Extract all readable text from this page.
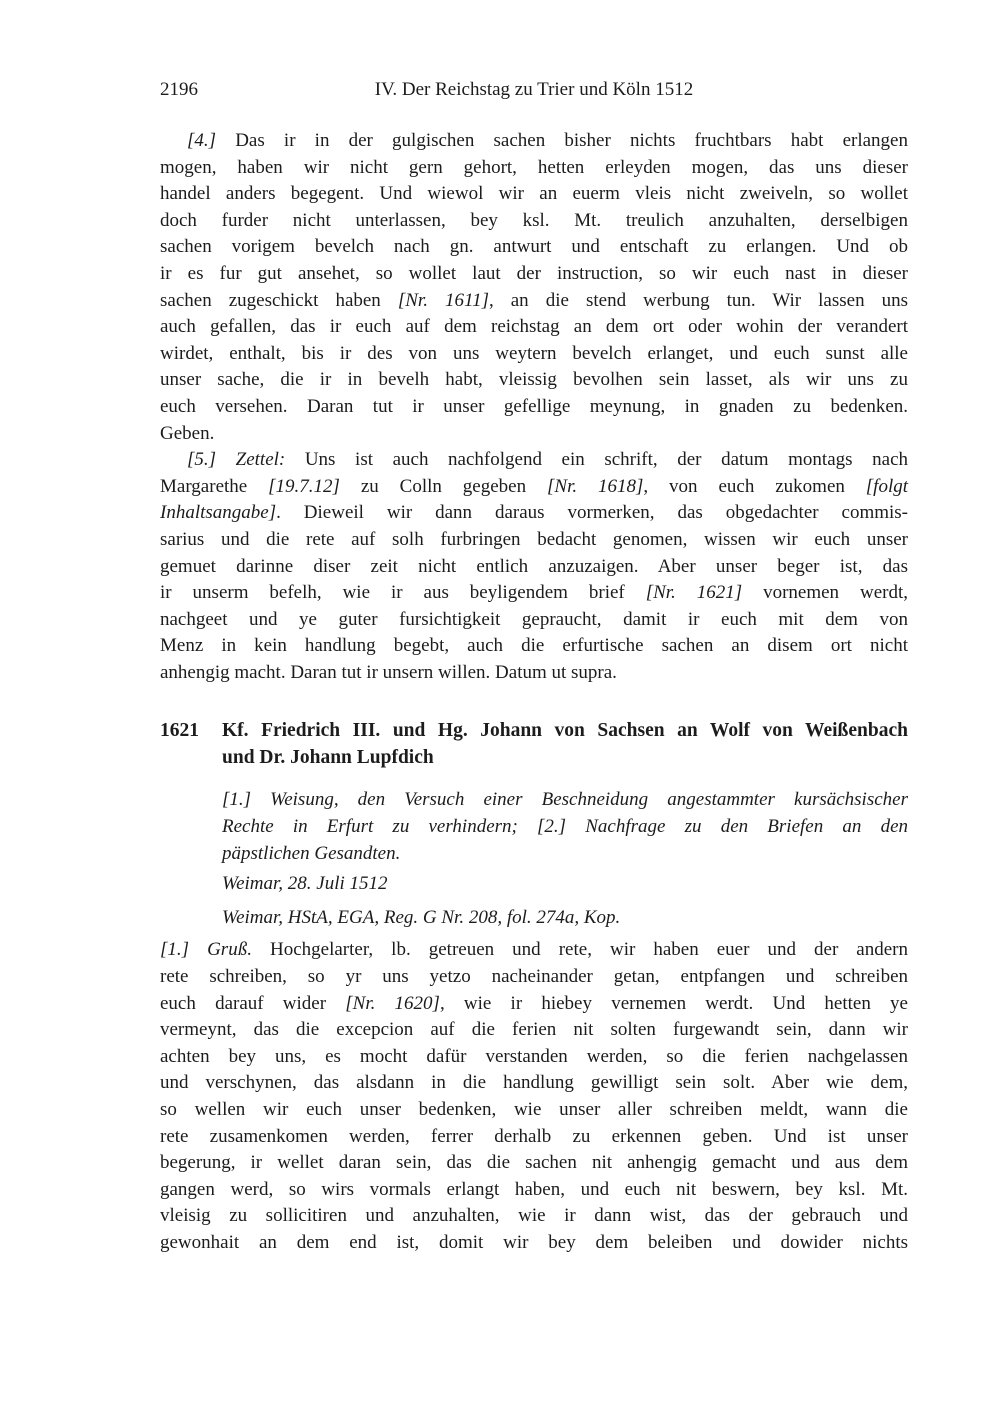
2196	IV. Der Reichstag zu Trier und Köln 1512
[4.] Das ir in der gulgischen sachen bisher nichts fruchtbars habt erlangen
mogen, haben wir nicht gern gehort, hetten erleyden mogen, das uns dieser
handel anders begegent. Und wiewol wir an euerm vleis nicht zweiveln, so wollet
doch furder nicht unterlassen, bey ksl. Mt. treulich anzuhalten, derselbigen
sachen vorigem bevelch nach gn. antwurt und entschaft zu erlangen. Und ob
ir es fur gut ansehet, so wollet laut der instruction, so wir euch nast in dieser
sachen zugeschickt haben [Nr. 1611], an die stend werbung tun. Wir lassen uns
auch gefallen, das ir euch auf dem reichstag an dem ort oder wohin der verandert
wirdet, enthalt, bis ir des von uns weytern bevelch erlanget, und euch sunst alle
unser sache, die ir in bevelh habt, vleissig bevolhen sein lasset, als wir uns zu
euch versehen. Daran tut ir unser gefellige meynung, in gnaden zu bedenken.
Geben.
[5.] Zettel: Uns ist auch nachfolgend ein schrift, der datum montags nach
Margarethe [19.7.12] zu Colln gegeben [Nr. 1618], von euch zukomen [folgt
Inhaltsangabe]. Dieweil wir dann daraus vormerken, das obgedachter commis-
sarius und die rete auf solh furbringen bedacht genomen, wissen wir euch unser
gemuet darinne diser zeit nicht entlich anzuzaigen. Aber unser beger ist, das
ir unserm befelh, wie ir aus beyligendem brief [Nr. 1621] vornemen werdt,
nachgeet und ye guter fursichtigkeit gepraucht, damit ir euch mit dem von
Menz in kein handlung begebt, auch die erfurtische sachen an disem ort nicht
anhengig macht. Daran tut ir unsern willen. Datum ut supra.
1621 Kf. Friedrich III. und Hg. Johann von Sachsen an Wolf von Weißenbach
und Dr. Johann Lupfdich
[1.] Weisung, den Versuch einer Beschneidung angestammter kursächsischer
Rechte in Erfurt zu verhindern; [2.] Nachfrage zu den Briefen an den
päpstlichen Gesandten.
Weimar, 28. Juli 1512
Weimar, HStA, EGA, Reg. G Nr. 208, fol. 274a, Kop.
[1.] Gruß. Hochgelarter, lb. getreuen und rete, wir haben euer und der andern
rete schreiben, so yr uns yetzo nacheinander getan, entpfangen und schreiben
euch darauf wider [Nr. 1620], wie ir hiebey vernemen werdt. Und hetten ye
vermeynt, das die excepcion auf die ferien nit solten furgewandt sein, dann wir
achten bey uns, es mocht dafür verstanden werden, so die ferien nachgelassen
und verschynen, das alsdann in die handlung gewilligt sein solt. Aber wie dem,
so wellen wir euch unser bedenken, wie unser aller schreiben meldt, wann die
rete zusamenkomen werden, ferrer derhalb zu erkennen geben. Und ist unser
begerung, ir wellet daran sein, das die sachen nit anhengig gemacht und aus dem
gangen werd, so wirs vormals erlangt haben, und euch nit beswern, bey ksl. Mt.
vleisig zu sollicitiren und anzuhalten, wie ir dann wist, das der gebrauch und
gewonhait an dem end ist, domit wir bey dem beleiben und dowider nichts
